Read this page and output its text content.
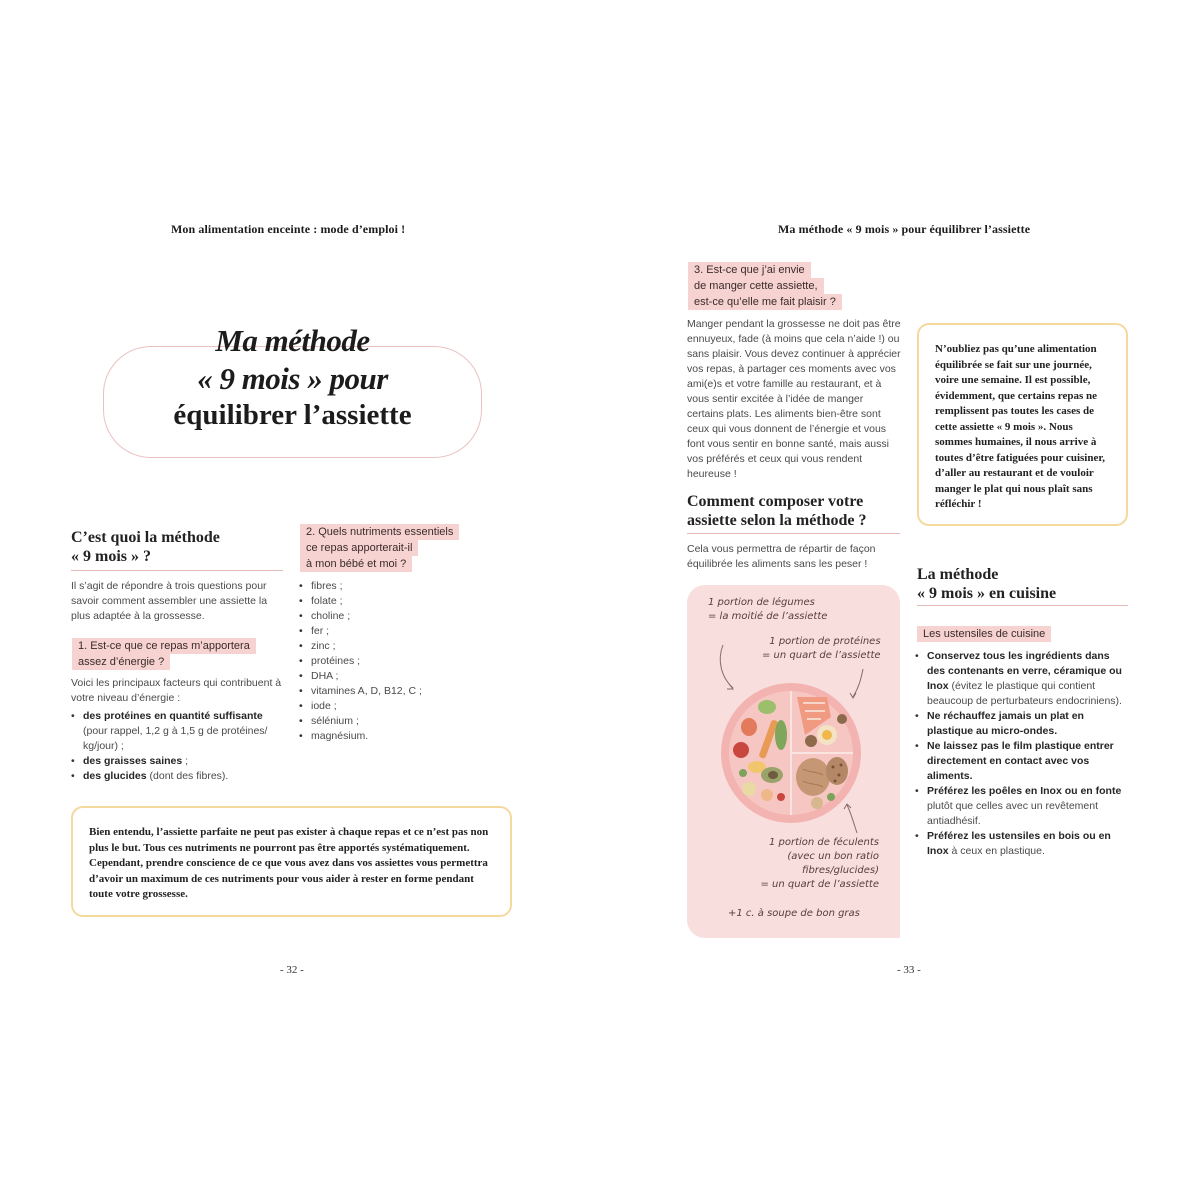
Mon alimentation enceinte : mode d’emploi !
Ma méthode
« 9 mois » pour
équilibrer l’assiette
C’est quoi la méthode
« 9 mois » ?
Il s’agit de répondre à trois questions pour savoir comment assembler une assiette la plus adaptée à la grossesse.
1. Est-ce que ce repas m’apportera
assez d’énergie ?
Voici les principaux facteurs qui contribuent à votre niveau d’énergie :
• des protéines en quantité suffisante (pour rappel, 1,2 g à 1,5 g de protéines/ kg/jour) ;
• des graisses saines ;
• des glucides (dont des fibres).
2. Quels nutriments essentiels
ce repas apporterait-il
à mon bébé et moi ?
• fibres ;
• folate ;
• choline ;
• fer ;
• zinc ;
• protéines ;
• DHA ;
• vitamines A, D, B12, C ;
• iode ;
• sélénium ;
• magnésium.
Bien entendu, l’assiette parfaite ne peut pas exister à chaque repas et ce n’est pas non plus le but. Tous ces nutriments ne pourront pas être apportés systématiquement. Cependant, prendre conscience de ce que vous avez dans vos assiettes vous permettra d’avoir un maximum de ces nutriments pour vous aider à rester en forme pendant toute votre grossesse.
- 32 -
Ma méthode « 9 mois » pour équilibrer l’assiette
3. Est-ce que j’ai envie
de manger cette assiette,
est-ce qu’elle me fait plaisir ?
Manger pendant la grossesse ne doit pas être ennuyeux, fade (à moins que cela n’aide !) ou sans plaisir. Vous devez continuer à apprécier vos repas, à partager ces moments avec vos ami(e)s et votre famille au restaurant, et à vous sentir excitée à l’idée de manger certains plats. Les aliments bien-être sont ceux qui vous donnent de l’énergie et vous font vous sentir en bonne santé, mais aussi vos préférés et ceux qui vous rendent heureuse !
Comment composer votre
assiette selon la méthode ?
Cela vous permettra de répartir de façon équilibrée les aliments sans les peser !
1 portion de légumes
= la moitié de l’assiette
1 portion de protéines
= un quart de l’assiette
1 portion de féculents
(avec un bon ratio
fibres/glucides)
= un quart de l’assiette
+1 c. à soupe de bon gras
N’oubliez pas qu’une alimentation équilibrée se fait sur une journée, voire une semaine. Il est possible, évidemment, que certains repas ne remplissent pas toutes les cases de cette assiette « 9 mois ». Nous sommes humaines, il nous arrive à toutes d’être fatiguées pour cuisiner, d’aller au restaurant et de vouloir manger le plat qui nous plaît sans réfléchir !
La méthode
« 9 mois » en cuisine
Les ustensiles de cuisine
• Conservez tous les ingrédients dans des contenants en verre, céramique ou Inox (évitez le plastique qui contient beaucoup de perturbateurs endocriniens).
• Ne réchauffez jamais un plat en plastique au micro-ondes.
• Ne laissez pas le film plastique entrer directement en contact avec vos aliments.
• Préférez les poêles en Inox ou en fonte plutôt que celles avec un revêtement antiadhésif.
• Préférez les ustensiles en bois ou en Inox à ceux en plastique.
- 33 -
